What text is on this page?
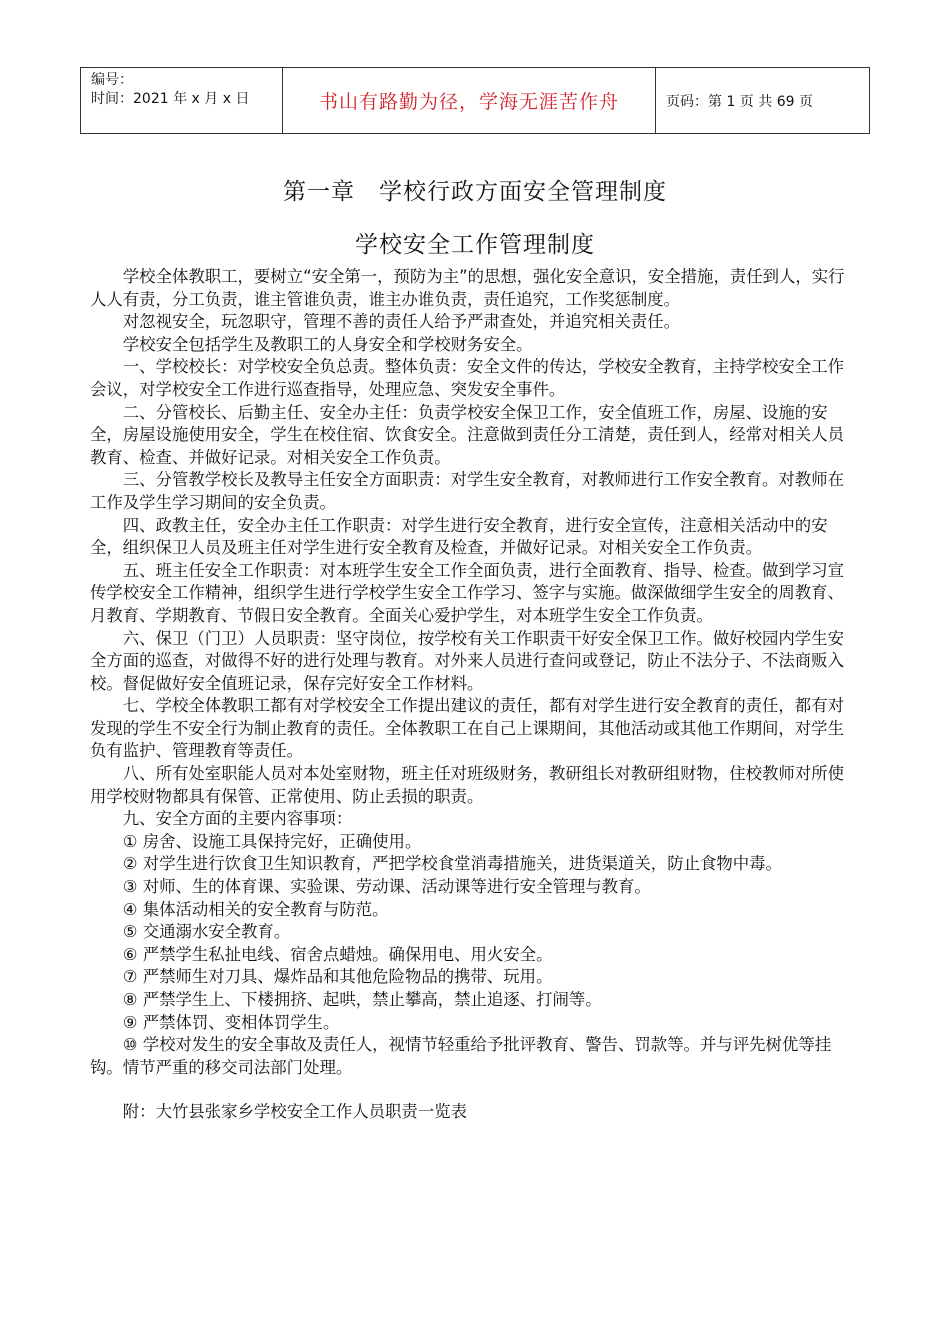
编号：
时间：2021 年 x 月 x 日	书山有路勤为径，学海无涯苦作舟	页码：第 1 页 共 69 页
第一章　学校行政方面安全管理制度
学校安全工作管理制度

学校全体教职工，要树立“安全第一，预防为主”的思想，强化安全意识，安全措施，责任到人，实行人人有责，分工负责，谁主管谁负责，谁主办谁负责，责任追究，工作奖惩制度。

对忽视安全，玩忽职守，管理不善的责任人给予严肃查处，并追究相关责任。

学校安全包括学生及教职工的人身安全和学校财务安全。

一、学校校长：对学校安全负总责。整体负责：安全文件的传达，学校安全教育，主持学校安全工作会议，对学校安全工作进行巡查指导，处理应急、突发安全事件。

二、分管校长、后勤主任、安全办主任：负责学校安全保卫工作，安全值班工作，房屋、设施的安全，房屋设施使用安全，学生在校住宿、饮食安全。注意做到责任分工清楚，责任到人，经常对相关人员教育、检查、并做好记录。对相关安全工作负责。

三、分管教学校长及教导主任安全方面职责：对学生安全教育，对教师进行工作安全教育。对教师在工作及学生学习期间的安全负责。

四、政教主任，安全办主任工作职责：对学生进行安全教育，进行安全宣传，注意相关活动中的安全，组织保卫人员及班主任对学生进行安全教育及检查，并做好记录。对相关安全工作负责。

五、班主任安全工作职责：对本班学生安全工作全面负责，进行全面教育、指导、检查。做到学习宣传学校安全工作精神，组织学生进行学校学生安全工作学习、签字与实施。做深做细学生安全的周教育、月教育、学期教育、节假日安全教育。全面关心爱护学生，对本班学生安全工作负责。

六、保卫（门卫）人员职责：坚守岗位，按学校有关工作职责干好安全保卫工作。做好校园内学生安全方面的巡查，对做得不好的进行处理与教育。对外来人员进行查问或登记，防止不法分子、不法商贩入校。督促做好安全值班记录，保存完好安全工作材料。

七、学校全体教职工都有对学校安全工作提出建议的责任，都有对学生进行安全教育的责任，都有对发现的学生不安全行为制止教育的责任。全体教职工在自己上课期间，其他活动或其他工作期间，对学生负有监护、管理教育等责任。

八、所有处室职能人员对本处室财物，班主任对班级财务，教研组长对教研组财物，住校教师对所使用学校财物都具有保管、正常使用、防止丢损的职责。

九、安全方面的主要内容事项：

① 房舍、设施工具保持完好，正确使用。

② 对学生进行饮食卫生知识教育，严把学校食堂消毒措施关，进货渠道关，防止食物中毒。

③ 对师、生的体育课、实验课、劳动课、活动课等进行安全管理与教育。

④ 集体活动相关的安全教育与防范。

⑤ 交通溺水安全教育。

⑥ 严禁学生私扯电线、宿舍点蜡烛。确保用电、用火安全。

⑦ 严禁师生对刀具、爆炸品和其他危险物品的携带、玩用。

⑧ 严禁学生上、下楼拥挤、起哄，禁止攀高，禁止追逐、打闹等。

⑨ 严禁体罚、变相体罚学生。

⑩ 学校对发生的安全事故及责任人，视情节轻重给予批评教育、警告、罚款等。并与评先树优等挂钩。情节严重的移交司法部门处理。

附：大竹县张家乡学校安全工作人员职责一览表
